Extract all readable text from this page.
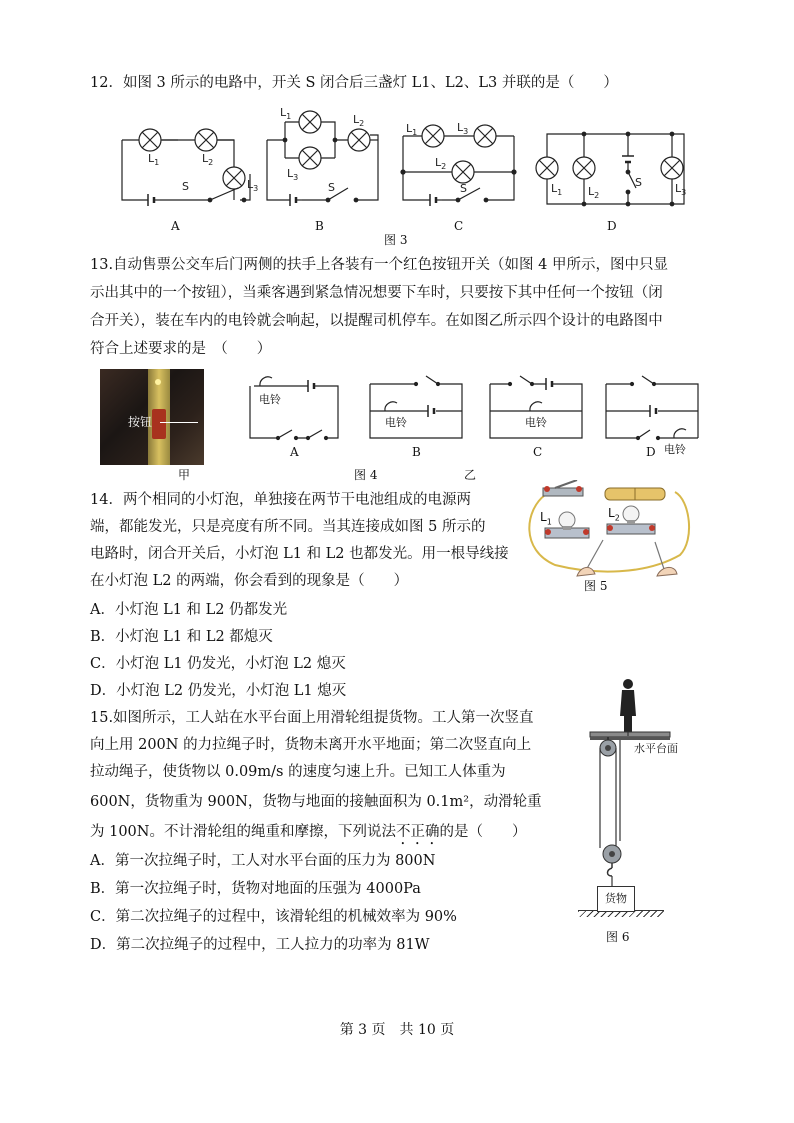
12．如图 3 所示的电路中，开关 S 闭合后三盏灯 L1、L2、L3 并联的是（　　）
$L_1$	$L_2$
$L_3$
S
$L_1$
$L_3$
$L_2$
S
$L_1$	$L_3$
$L_2$
S	$L_1$ $L_2$
S	$L_3$
A	B
图 3
C	D
13.自动售票公交车后门两侧的扶手上各装有一个红色按钮开关（如图 4 甲所示，图中只显
示出其中的一个按钮），当乘客遇到紧急情况想要下车时，只要按下其中任何一个按钮（闭
合开关），装在车内的电铃就会响起，以提醒司机停车。在如图乙所示四个设计的电路图中
符合上述要求的是　（　　）
按钮
甲
电铃
电铃	电铃
电铃
A	B	C	D
图 4	乙
14．两个相同的小灯泡，单独接在两节干电池组成的电源两
端，都能发光，只是亮度有所不同。当其连接成如图 5 所示的
电路时，闭合开关后，小灯泡 L1 和 L2 也都发光。用一根导线接
在小灯泡 L2 的两端，你会看到的现象是（　　）
A．小灯泡 L1 和 L2 仍都发光
B．小灯泡 L1 和 L2 都熄灭
C．小灯泡 L1 仍发光，小灯泡 L2 熄灭
D．小灯泡 L2 仍发光，小灯泡 L1 熄灭
$L_1$
$L_2$
图 5
15.如图所示，工人站在水平台面上用滑轮组提货物。工人第一次竖直
向上用 200N 的力拉绳子时，货物未离开水平地面；第二次竖直向上
拉动绳子，使货物以 0.09m/s 的速度匀速上升。已知工人体重为
600N，货物重为 900N，货物与地面的接触面积为 0.1m²，动滑轮重
为 100N。不计滑轮组的绳重和摩擦，下列说法不正确的是（　　）
A．第一次拉绳子时，工人对水平台面的压力为 800N
B．第一次拉绳子时，货物对地面的压强为 4000Pa
C．第二次拉绳子的过程中，该滑轮组的机械效率为 90%
D．第二次拉绳子的过程中，工人拉力的功率为 81W
货物
水平台面
图 6
第 3 页　共 10 页
